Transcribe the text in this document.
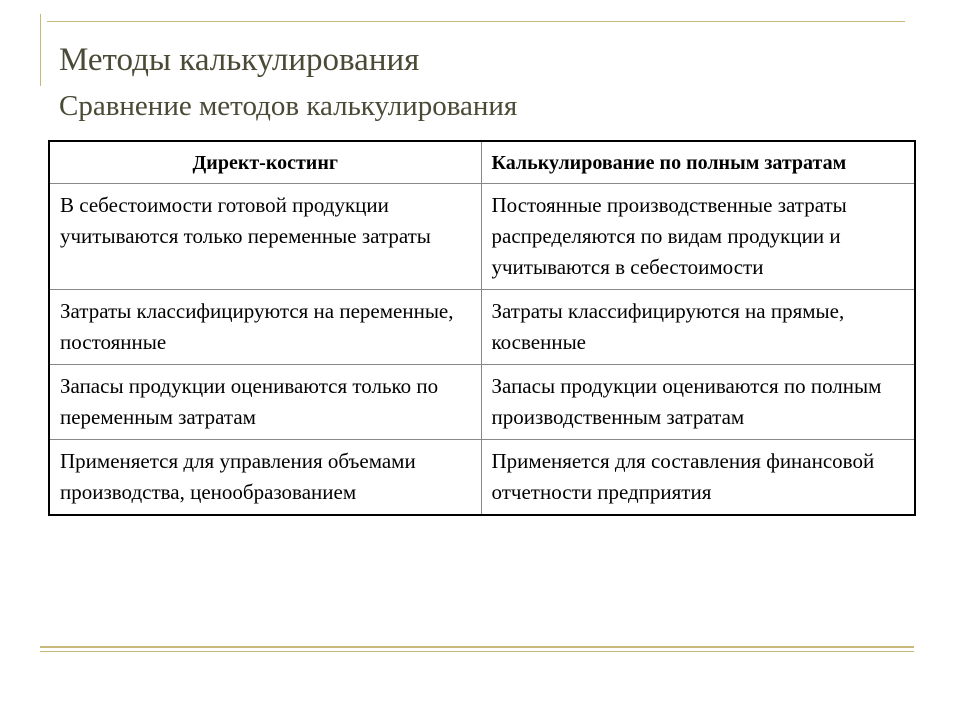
Методы калькулирования
Сравнение методов калькулирования
Директ-костинг	Калькулирование по полным затратам
В себестоимости готовой продукции учитываются только переменные затраты	Постоянные производственные затраты распределяются по видам продукции и учитываются в себестоимости
Затраты классифицируются на переменные, постоянные	Затраты классифицируются на прямые, косвенные
Запасы продукции оцениваются только по переменным затратам	Запасы продукции оцениваются по полным производственным затратам
Применяется для управления объемами производства, ценообразованием	Применяется для составления финансовой отчетности предприятия
